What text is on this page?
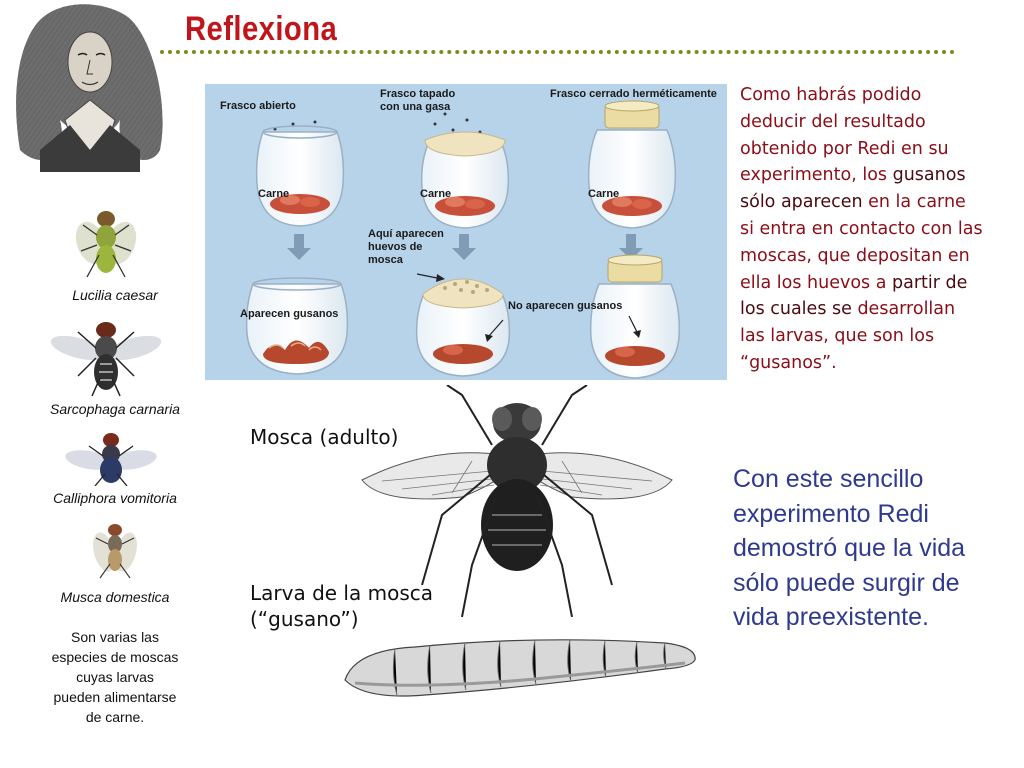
Reflexiona
Lucilia caesar
Sarcophaga carnaria
Calliphora vomitoria
Musca domestica
Son varias las
especies de moscas
cuyas larvas
pueden alimentarse
de carne.
Frasco abierto
Frasco tapado
con una gasa
Frasco cerrado herméticamente
Carne	Carne	Carne
Aquí aparecen
huevos de
mosca
Aparecen gusanos
No aparecen gusanos
Como habrás podido deducir del resultado obtenido por Redi en su experimento, los gusanos sólo aparecen en la carne si entra en contacto con las moscas, que depositan en ella los huevos a partir de los cuales se desarrollan las larvas, que son los “gusanos”.
Con este sencillo experimento Redi demostró que la vida sólo puede surgir de vida preexistente.
Mosca (adulto)
Larva de la mosca
(“gusano”)
